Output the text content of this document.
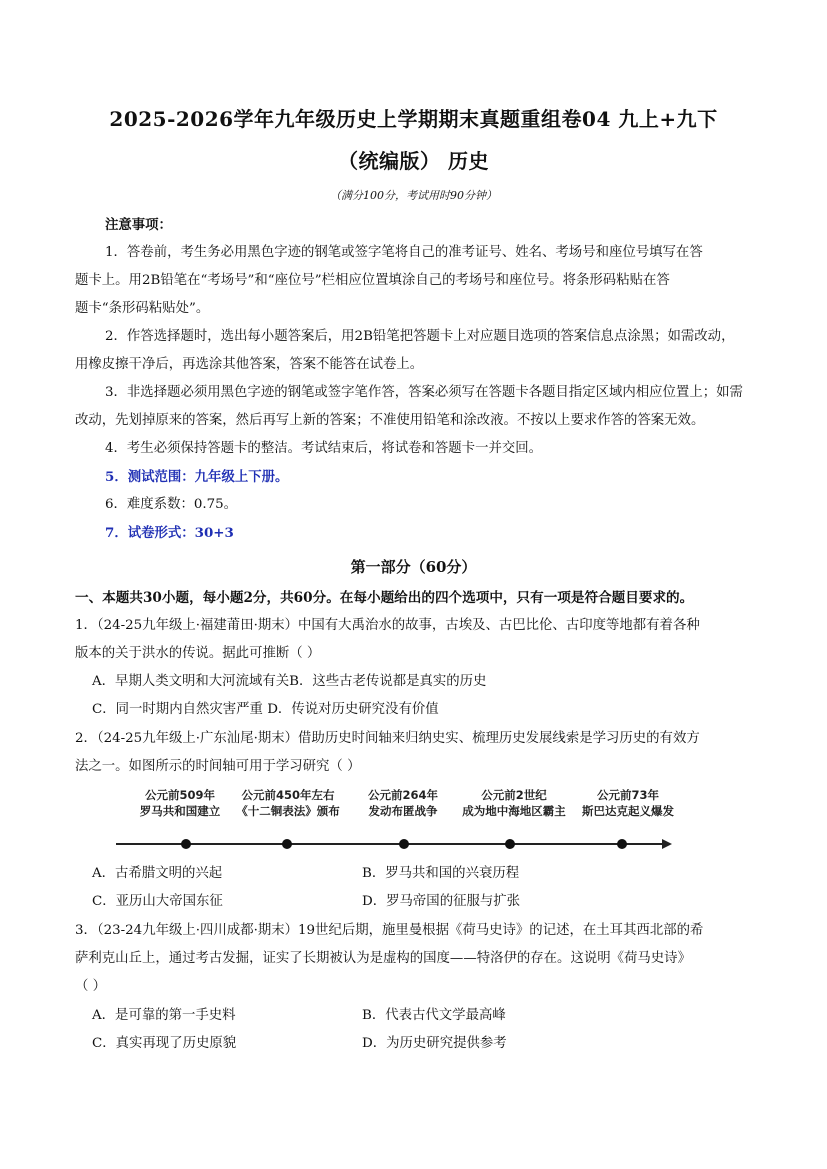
2025-2026学年九年级历史上学期期末真题重组卷04 九上+九下
（统编版） 历史
（满分100分，考试用时90分钟）
注意事项：
1．答卷前，考生务必用黑色字迹的钢笔或签字笔将自己的准考证号、姓名、考场号和座位号填写在答
题卡上。用2B铅笔在“考场号”和“座位号”栏相应位置填涂自己的考场号和座位号。将条形码粘贴在答
题卡“条形码粘贴处”。
2．作答选择题时，选出每小题答案后，用2B铅笔把答题卡上对应题目选项的答案信息点涂黑；如需改动，
用橡皮擦干净后，再选涂其他答案，答案不能答在试卷上。
3．非选择题必须用黑色字迹的钢笔或签字笔作答，答案必须写在答题卡各题目指定区域内相应位置上；如需
改动，先划掉原来的答案，然后再写上新的答案；不准使用铅笔和涂改液。不按以上要求作答的答案无效。
4．考生必须保持答题卡的整洁。考试结束后，将试卷和答题卡一并交回。
5．测试范围：九年级上下册。
6．难度系数：0.75。
7．试卷形式：30+3
第一部分（60分）
一、本题共30小题，每小题2分，共60分。在每小题给出的四个选项中，只有一项是符合题目要求的。
1．（24-25九年级上·福建莆田·期末）中国有大禹治水的故事，古埃及、古巴比伦、古印度等地都有着各种
版本的关于洪水的传说。据此可推断（ ）
A．早期人类文明和大河流域有关B．这些古老传说都是真实的历史
C．同一时期内自然灾害严重 D．传说对历史研究没有价值
2．（24-25九年级上·广东汕尾·期末）借助历史时间轴来归纳史实、梳理历史发展线索是学习历史的有效方
法之一。如图所示的时间轴可用于学习研究（ ）
公元前509年
罗马共和国建立
公元前450年左右
《十二铜表法》颁布
公元前264年
发动布匿战争
公元前2世纪
成为地中海地区霸主
公元前73年
斯巴达克起义爆发
A．古希腊文明的兴起	B．罗马共和国的兴衰历程
C．亚历山大帝国东征	D．罗马帝国的征服与扩张
3．（23-24九年级上·四川成都·期末）19世纪后期，施里曼根据《荷马史诗》的记述，在土耳其西北部的希
萨利克山丘上，通过考古发掘，证实了长期被认为是虚构的国度——特洛伊的存在。这说明《荷马史诗》
（ ）
A．是可靠的第一手史料	B．代表古代文学最高峰
C．真实再现了历史原貌	D．为历史研究提供参考
